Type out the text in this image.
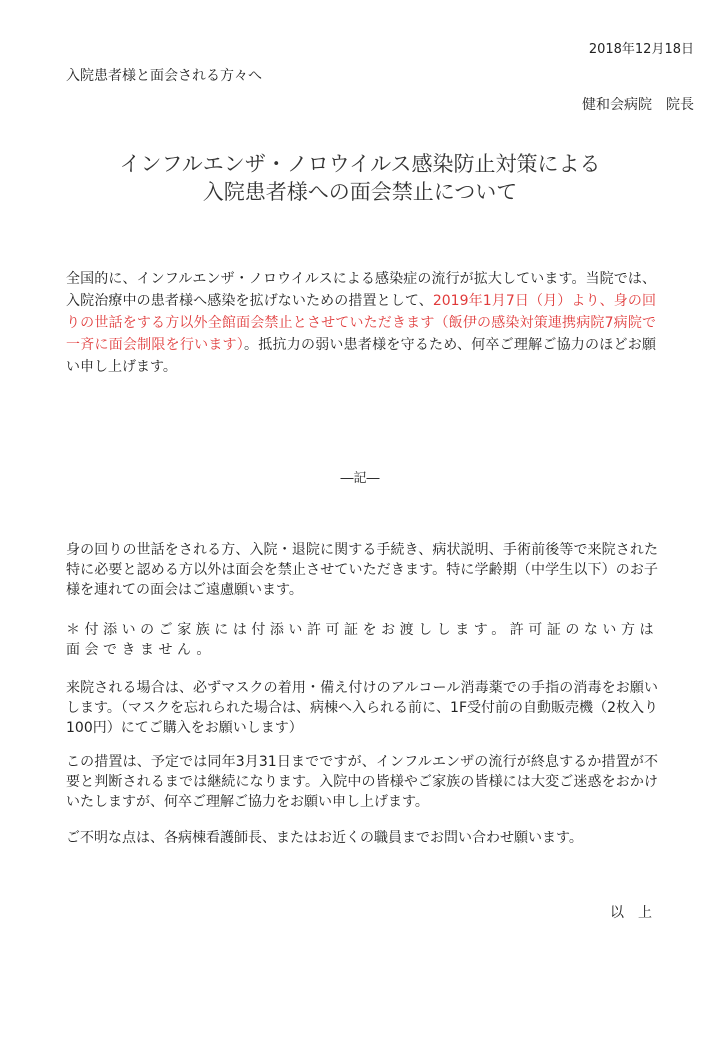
2018年12月18日
入院患者様と面会される方々へ
健和会病院　院長
インフルエンザ・ノロウイルス感染防止対策による
入院患者様への面会禁止について

全国的に、インフルエンザ・ノロウイルスによる感染症の流行が拡大しています。当院では、入院治療中の患者様へ感染を拡げないための措置として、2019年1月7日（月）より、身の回りの世話をする方以外全館面会禁止とさせていただきます（飯伊の感染対策連携病院7病院で一斉に面会制限を行います）。抵抗力の弱い患者様を守るため、何卒ご理解ご協力のほどお願い申し上げます。

―記―

身の回りの世話をされる方、入院・退院に関する手続き、病状説明、手術前後等で来院された特に必要と認める方以外は面会を禁止させていただきます。特に学齢期（中学生以下）のお子様を連れての面会はご遠慮願います。

＊付添いのご家族には付添い許可証をお渡しします。許可証のない方は面会できません。

来院される場合は、必ずマスクの着用・備え付けのアルコール消毒薬での手指の消毒をお願いします。（マスクを忘れられた場合は、病棟へ入られる前に、1F受付前の自動販売機（2枚入り100円）にてご購入をお願いします）

この措置は、予定では同年3月31日までですが、インフルエンザの流行が終息するか措置が不要と判断されるまでは継続になります。入院中の皆様やご家族の皆様には大変ご迷惑をおかけいたしますが、何卒ご理解ご協力をお願い申し上げます。

ご不明な点は、各病棟看護師長、またはお近くの職員までお問い合わせ願います。

以上
